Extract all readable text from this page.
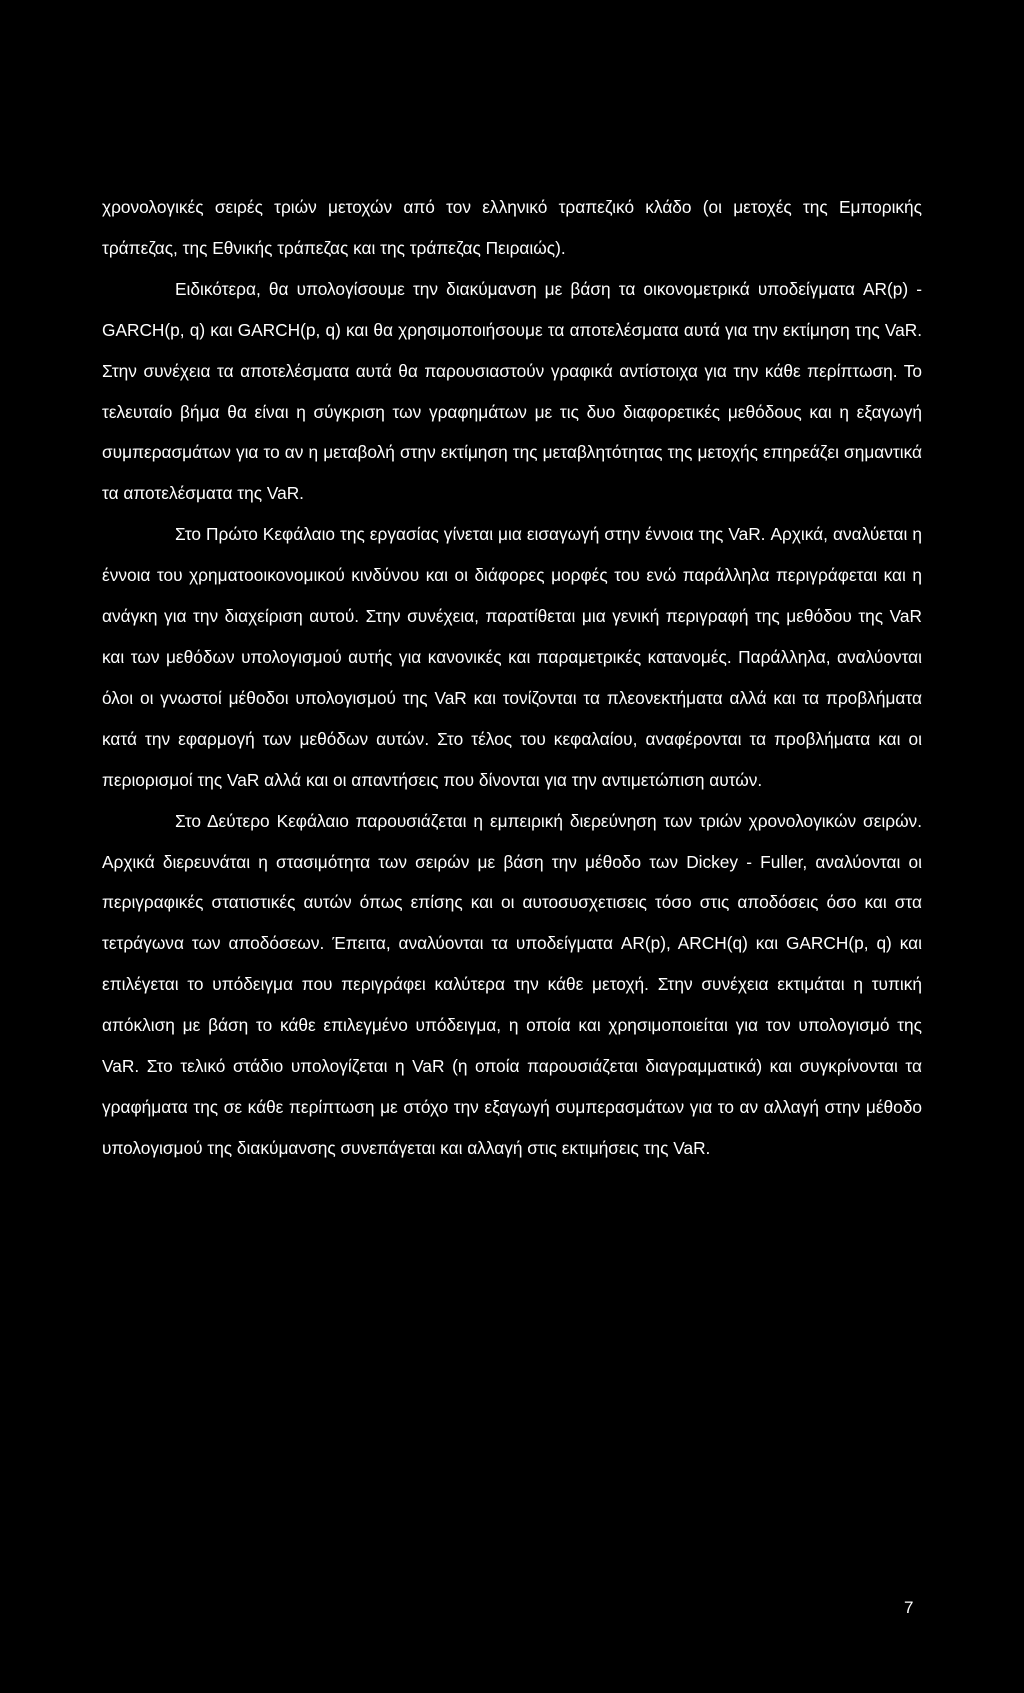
χρονολογικές σειρές τριών μετοχών από τον ελληνικό τραπεζικό κλάδο (οι μετοχές της Εμπορικής τράπεζας, της Εθνικής τράπεζας και της τράπεζας Πειραιώς).

Ειδικότερα, θα υπολογίσουμε την διακύμανση με βάση τα οικονομετρικά υποδείγματα AR(p) - GARCH(p, q) και GARCH(p, q) και θα χρησιμοποιήσουμε τα αποτελέσματα αυτά για την εκτίμηση της VaR. Στην συνέχεια τα αποτελέσματα αυτά θα παρουσιαστούν γραφικά αντίστοιχα για την κάθε περίπτωση. Το τελευταίο βήμα θα είναι η σύγκριση των γραφημάτων με τις δυο διαφορετικές μεθόδους και η εξαγωγή συμπερασμάτων για το αν η μεταβολή στην εκτίμηση της μεταβλητότητας της μετοχής επηρεάζει σημαντικά τα αποτελέσματα της VaR.

Στο Πρώτο Κεφάλαιο της εργασίας γίνεται μια εισαγωγή στην έννοια της VaR. Αρχικά, αναλύεται η έννοια του χρηματοοικονομικού κινδύνου και οι διάφορες μορφές του ενώ παράλληλα περιγράφεται και η ανάγκη για την διαχείριση αυτού. Στην συνέχεια, παρατίθεται μια γενική περιγραφή της μεθόδου της VaR και των μεθόδων υπολογισμού αυτής για κανονικές και παραμετρικές κατανομές. Παράλληλα, αναλύονται όλοι οι γνωστοί μέθοδοι υπολογισμού της VaR και τονίζονται τα πλεονεκτήματα αλλά και τα προβλήματα κατά την εφαρμογή των μεθόδων αυτών. Στο τέλος του κεφαλαίου, αναφέρονται τα προβλήματα και οι περιορισμοί της VaR αλλά και οι απαντήσεις που δίνονται για την αντιμετώπιση αυτών.

Στο Δεύτερο Κεφάλαιο παρουσιάζεται η εμπειρική διερεύνηση των τριών χρονολογικών σειρών. Αρχικά διερευνάται η στασιμότητα των σειρών με βάση την μέθοδο των Dickey - Fuller, αναλύονται οι περιγραφικές στατιστικές αυτών όπως επίσης και οι αυτοσυσχετισεις τόσο στις αποδόσεις όσο και στα τετράγωνα των αποδόσεων. Έπειτα, αναλύονται τα υποδείγματα AR(p), ARCH(q) και GARCH(p, q) και επιλέγεται το υπόδειγμα που περιγράφει καλύτερα την κάθε μετοχή. Στην συνέχεια εκτιμάται η τυπική απόκλιση με βάση το κάθε επιλεγμένο υπόδειγμα, η οποία και χρησιμοποιείται για τον υπολογισμό της VaR. Στο τελικό στάδιο υπολογίζεται η VaR (η οποία παρουσιάζεται διαγραμματικά) και συγκρίνονται τα γραφήματα της σε κάθε περίπτωση με στόχο την εξαγωγή συμπερασμάτων για το αν αλλαγή στην μέθοδο υπολογισμού της διακύμανσης συνεπάγεται και αλλαγή στις εκτιμήσεις της VaR.

7
